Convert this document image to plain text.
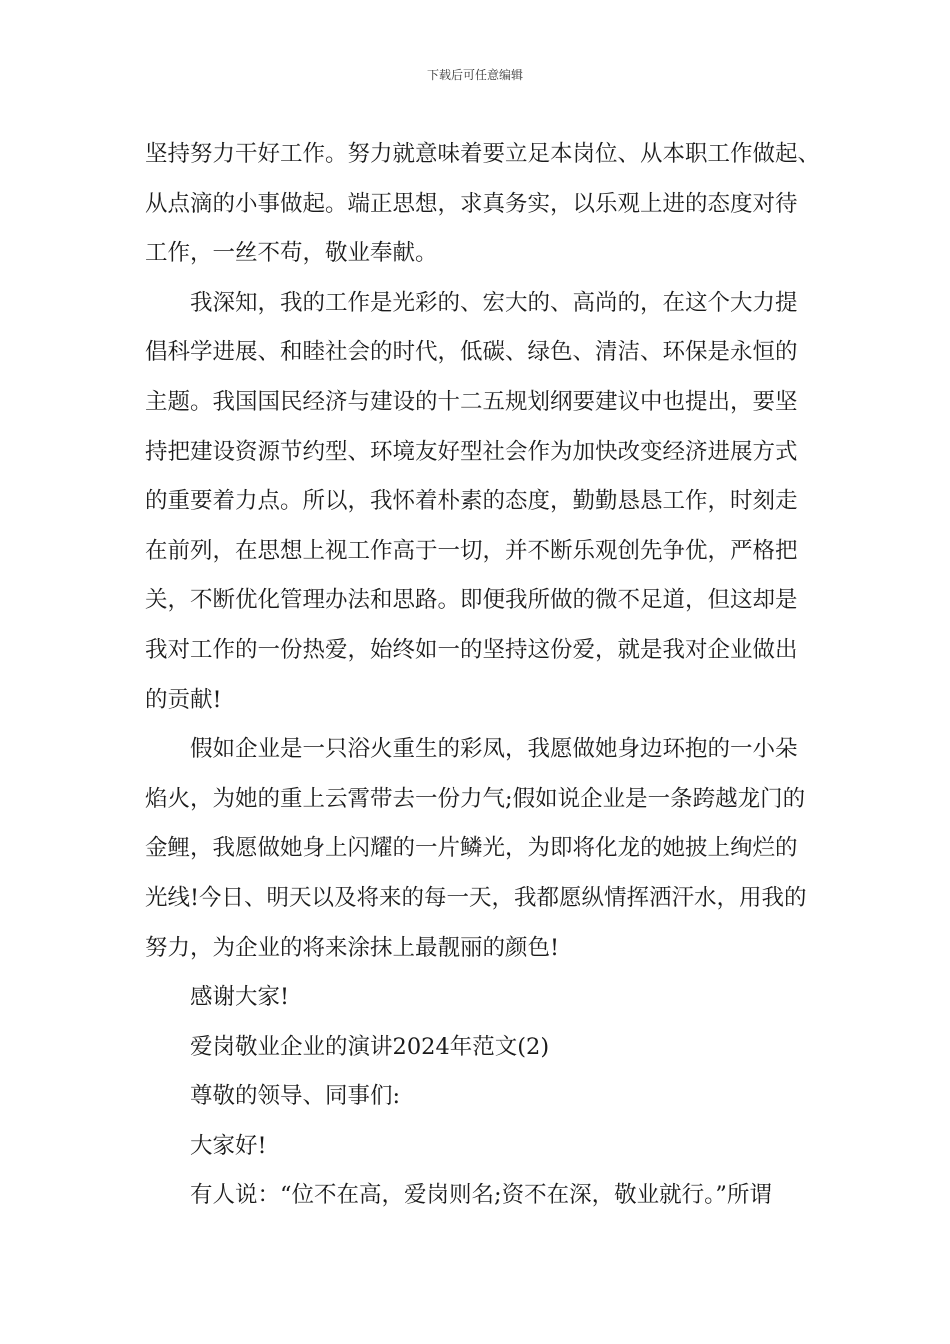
下载后可任意编辑
坚持努力干好工作。努力就意味着要立足本岗位、从本职工作做起、
从点滴的小事做起。端正思想，求真务实，以乐观上进的态度对待
工作，一丝不苟，敬业奉献。
我深知，我的工作是光彩的、宏大的、高尚的，在这个大力提
倡科学进展、和睦社会的时代，低碳、绿色、清洁、环保是永恒的
主题。我国国民经济与建设的十二五规划纲要建议中也提出，要坚
持把建设资源节约型、环境友好型社会作为加快改变经济进展方式
的重要着力点。所以，我怀着朴素的态度，勤勤恳恳工作，时刻走
在前列，在思想上视工作高于一切，并不断乐观创先争优，严格把
关，不断优化管理办法和思路。即便我所做的微不足道，但这却是
我对工作的一份热爱，始终如一的坚持这份爱，就是我对企业做出
的贡献!
假如企业是一只浴火重生的彩凤，我愿做她身边环抱的一小朵
焰火，为她的重上云霄带去一份力气;假如说企业是一条跨越龙门的
金鲤，我愿做她身上闪耀的一片鳞光，为即将化龙的她披上绚烂的
光线!今日、明天以及将来的每一天，我都愿纵情挥洒汗水，用我的
努力，为企业的将来涂抹上最靓丽的颜色!
感谢大家!
爱岗敬业企业的演讲2024年范文(2)
尊敬的领导、同事们:
大家好!
有人说：“位不在高，爱岗则名;资不在深，敬业就行。”所谓
